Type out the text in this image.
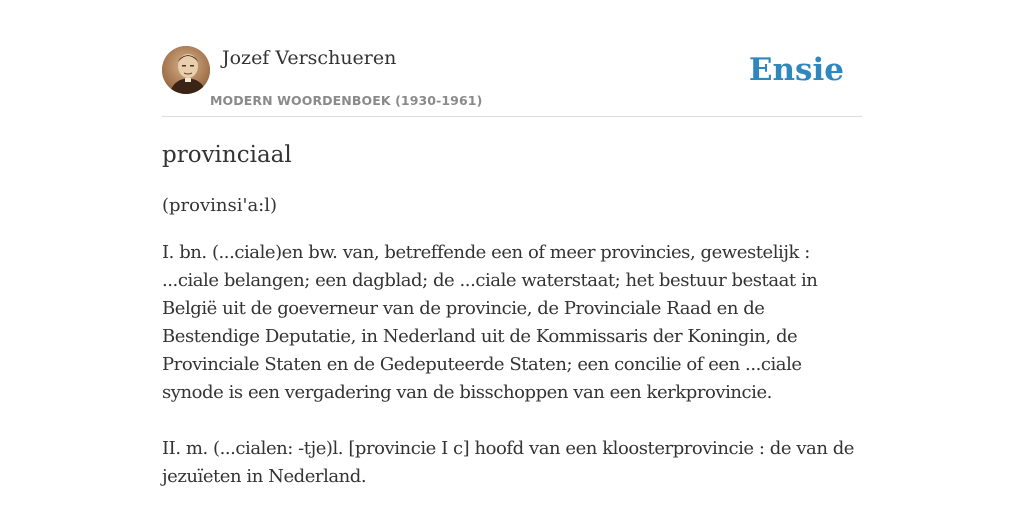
Jozef Verschueren
MODERN WOORDENBOEK (1930-1961)
Ensie
provinciaal
(provinsi'a:l)

I. bn. (...ciale)en bw. van, betreffende een of meer provincies, gewestelijk : ...ciale belangen; een dagblad; de ...ciale waterstaat; het bestuur bestaat in België uit de goeverneur van de provincie, de Provinciale Raad en de Bestendige Deputatie, in Nederland uit de Kommissaris der Koningin, de Provinciale Staten en de Gedeputeerde Staten; een concilie of een ...ciale synode is een vergadering van de bisschoppen van een kerkprovincie.

II. m. (...cialen: -tje)l. [provincie I c] hoofd van een kloosterprovincie : de van de jezuïeten in Nederland.
